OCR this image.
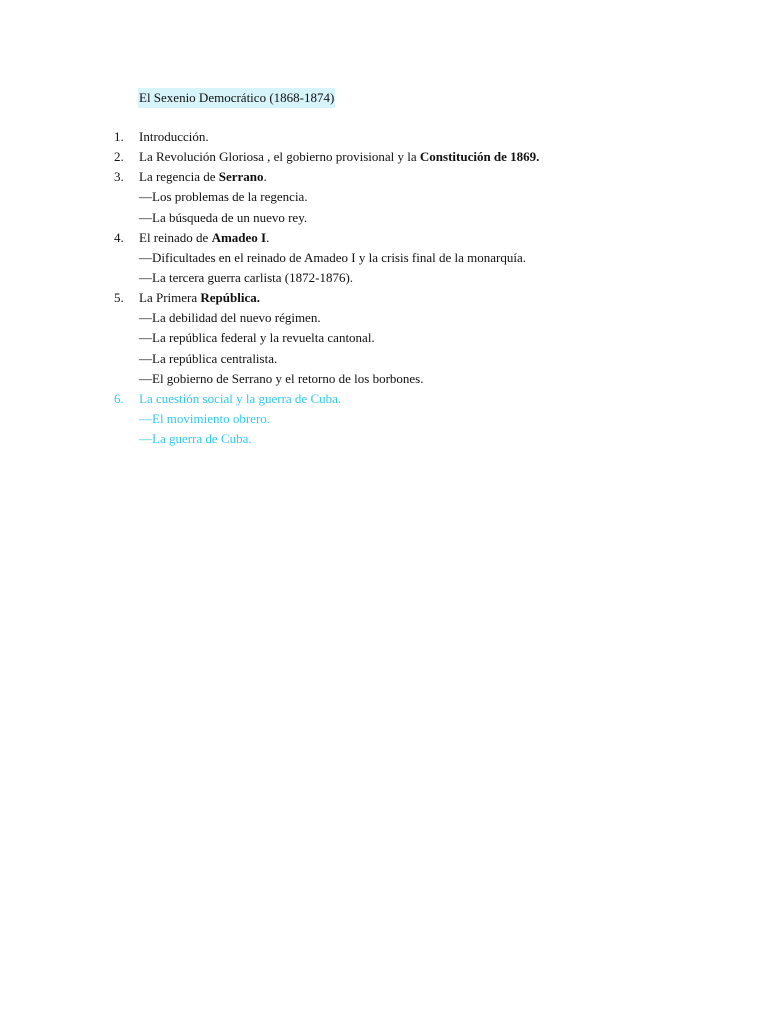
El Sexenio Democrático (1868-1874)
1. Introducción.
2. La Revolución Gloriosa , el gobierno provisional y la Constitución de 1869.
3. La regencia de Serrano.
—Los problemas de la regencia.
—La búsqueda de un nuevo rey.
4. El reinado de Amadeo I.
—Dificultades en el reinado de Amadeo I y la crisis final de la monarquía.
—La tercera guerra carlista (1872-1876).
5. La Primera República.
—La debilidad del nuevo régimen.
—La república federal y la revuelta cantonal.
—La república centralista.
—El gobierno de Serrano y el retorno de los borbones.
6. La cuestión social y la guerra de Cuba.
—El movimiento obrero.
—La guerra de Cuba.
